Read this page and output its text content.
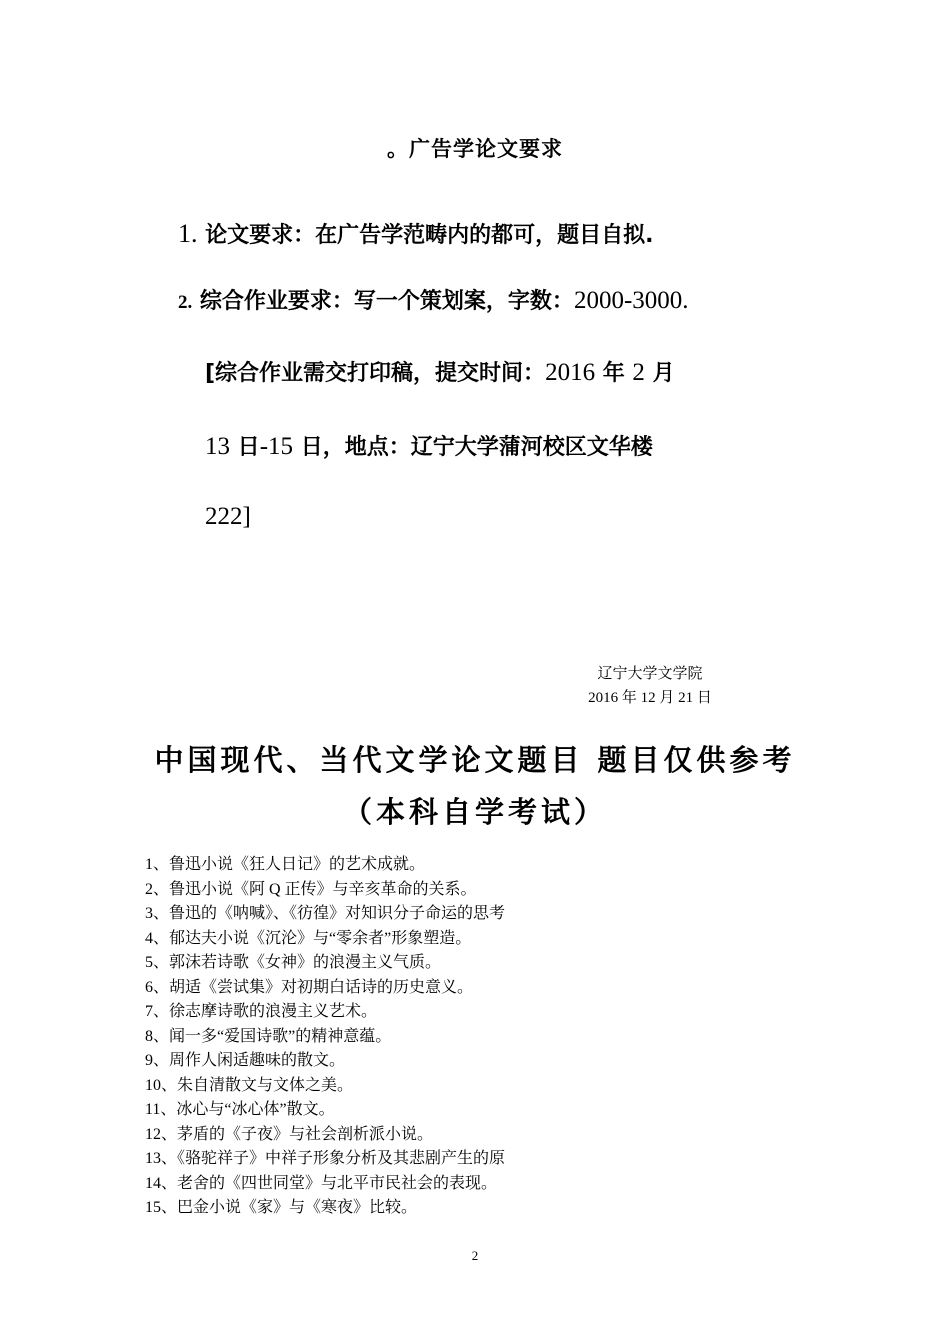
。广告学论文要求
1. 论文要求：在广告学范畴内的都可，题目自拟.
2. 综合作业要求：写一个策划案，字数：2000-3000.
[综合作业需交打印稿，提交时间：2016 年 2 月
13 日-15 日，地点：辽宁大学蒲河校区文华楼
222]
辽宁大学文学院
2016 年 12 月 21 日
中国现代、当代文学论文题目 题目仅供参考
（本科自学考试）
1、鲁迅小说《狂人日记》的艺术成就。
2、鲁迅小说《阿 Q 正传》与辛亥革命的关系。
3、鲁迅的《呐喊》、《彷徨》对知识分子命运的思考
4、郁达夫小说《沉沦》与“零余者”形象塑造。
5、郭沫若诗歌《女神》的浪漫主义气质。
6、胡适《尝试集》对初期白话诗的历史意义。
7、徐志摩诗歌的浪漫主义艺术。
8、闻一多“爱国诗歌”的精神意蕴。
9、周作人闲适趣味的散文。
10、朱自清散文与文体之美。
11、冰心与“冰心体”散文。
12、茅盾的《子夜》与社会剖析派小说。
13、《骆驼祥子》中祥子形象分析及其悲剧产生的原
14、老舍的《四世同堂》与北平市民社会的表现。
15、巴金小说《家》与《寒夜》比较。
2
